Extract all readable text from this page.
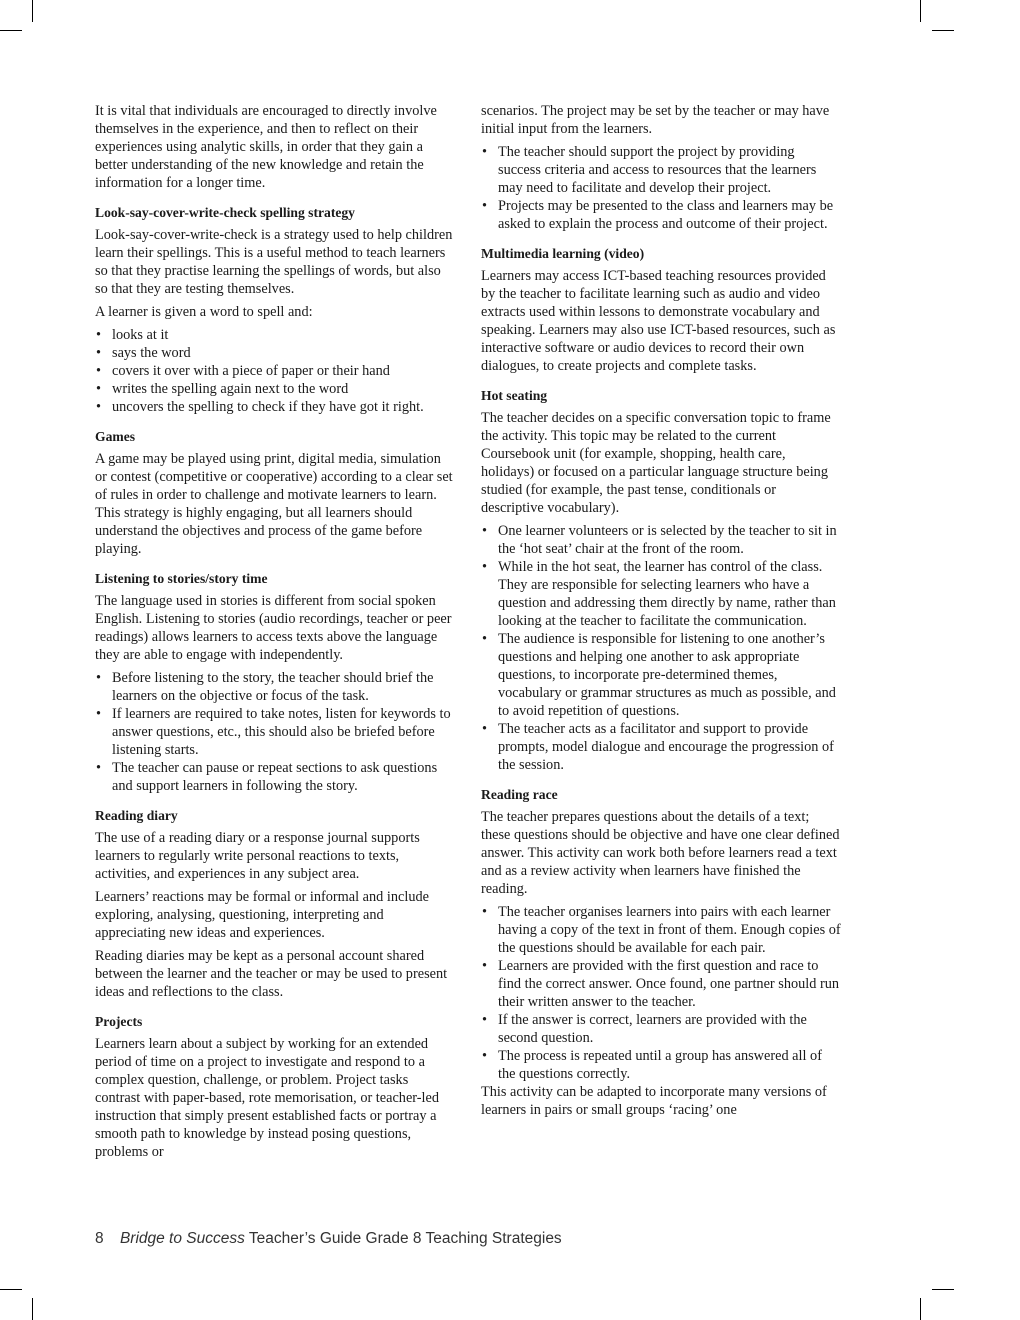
It is vital that individuals are encouraged to directly involve themselves in the experience, and then to reflect on their experiences using analytic skills, in order that they gain a better understanding of the new knowledge and retain the information for a longer time.

Look-say-cover-write-check spelling strategy

Look-say-cover-write-check is a strategy used to help children learn their spellings. This is a useful method to teach learners so that they practise learning the spellings of words, but also so that they are testing themselves.

A learner is given a word to spell and:

• looks at it
• says the word
• covers it over with a piece of paper or their hand
• writes the spelling again next to the word
• uncovers the spelling to check if they have got it right.
Games

A game may be played using print, digital media, simulation or contest (competitive or cooperative) according to a clear set of rules in order to challenge and motivate learners to learn. This strategy is highly engaging, but all learners should understand the objectives and process of the game before playing.

Listening to stories/story time

The language used in stories is different from social spoken English. Listening to stories (audio recordings, teacher or peer readings) allows learners to access texts above the language they are able to engage with independently.

• Before listening to the story, the teacher should brief the learners on the objective or focus of the task.
• If learners are required to take notes, listen for keywords to answer questions, etc., this should also be briefed before listening starts.
• The teacher can pause or repeat sections to ask questions and support learners in following the story.
Reading diary

The use of a reading diary or a response journal supports learners to regularly write personal reactions to texts, activities, and experiences in any subject area.

Learners’ reactions may be formal or informal and include exploring, analysing, questioning, interpreting and appreciating new ideas and experiences.

Reading diaries may be kept as a personal account shared between the learner and the teacher or may be used to present ideas and reflections to the class.

Projects

Learners learn about a subject by working for an extended period of time on a project to investigate and respond to a complex question, challenge, or problem. Project tasks contrast with paper-based, rote memorisation, or teacher-led instruction that simply present established facts or portray a smooth path to knowledge by instead posing questions, problems or

scenarios. The project may be set by the teacher or may have initial input from the learners.

• The teacher should support the project by providing success criteria and access to resources that the learners may need to facilitate and develop their project.
• Projects may be presented to the class and learners may be asked to explain the process and outcome of their project.
Multimedia learning (video)

Learners may access ICT-based teaching resources provided by the teacher to facilitate learning such as audio and video extracts used within lessons to demonstrate vocabulary and speaking. Learners may also use ICT-based resources, such as interactive software or audio devices to record their own dialogues, to create projects and complete tasks.

Hot seating

The teacher decides on a specific conversation topic to frame the activity. This topic may be related to the current Coursebook unit (for example, shopping, health care, holidays) or focused on a particular language structure being studied (for example, the past tense, conditionals or descriptive vocabulary).

• One learner volunteers or is selected by the teacher to sit in the ‘hot seat’ chair at the front of the room.
• While in the hot seat, the learner has control of the class. They are responsible for selecting learners who have a question and addressing them directly by name, rather than looking at the teacher to facilitate the communication.
• The audience is responsible for listening to one another’s questions and helping one another to ask appropriate questions, to incorporate pre-determined themes, vocabulary or grammar structures as much as possible, and to avoid repetition of questions.
• The teacher acts as a facilitator and support to provide prompts, model dialogue and encourage the progression of the session.
Reading race

The teacher prepares questions about the details of a text; these questions should be objective and have one clear defined answer. This activity can work both before learners read a text and as a review activity when learners have finished the reading.

• The teacher organises learners into pairs with each learner having a copy of the text in front of them. Enough copies of the questions should be available for each pair.
• Learners are provided with the first question and race to find the correct answer. Once found, one partner should run their written answer to the teacher.
• If the answer is correct, learners are provided with the second question.
• The process is repeated until a group has answered all of the questions correctly.

This activity can be adapted to incorporate many versions of learners in pairs or small groups ‘racing’ one

8 Bridge to Success Teacher’s Guide Grade 8 Teaching Strategies
